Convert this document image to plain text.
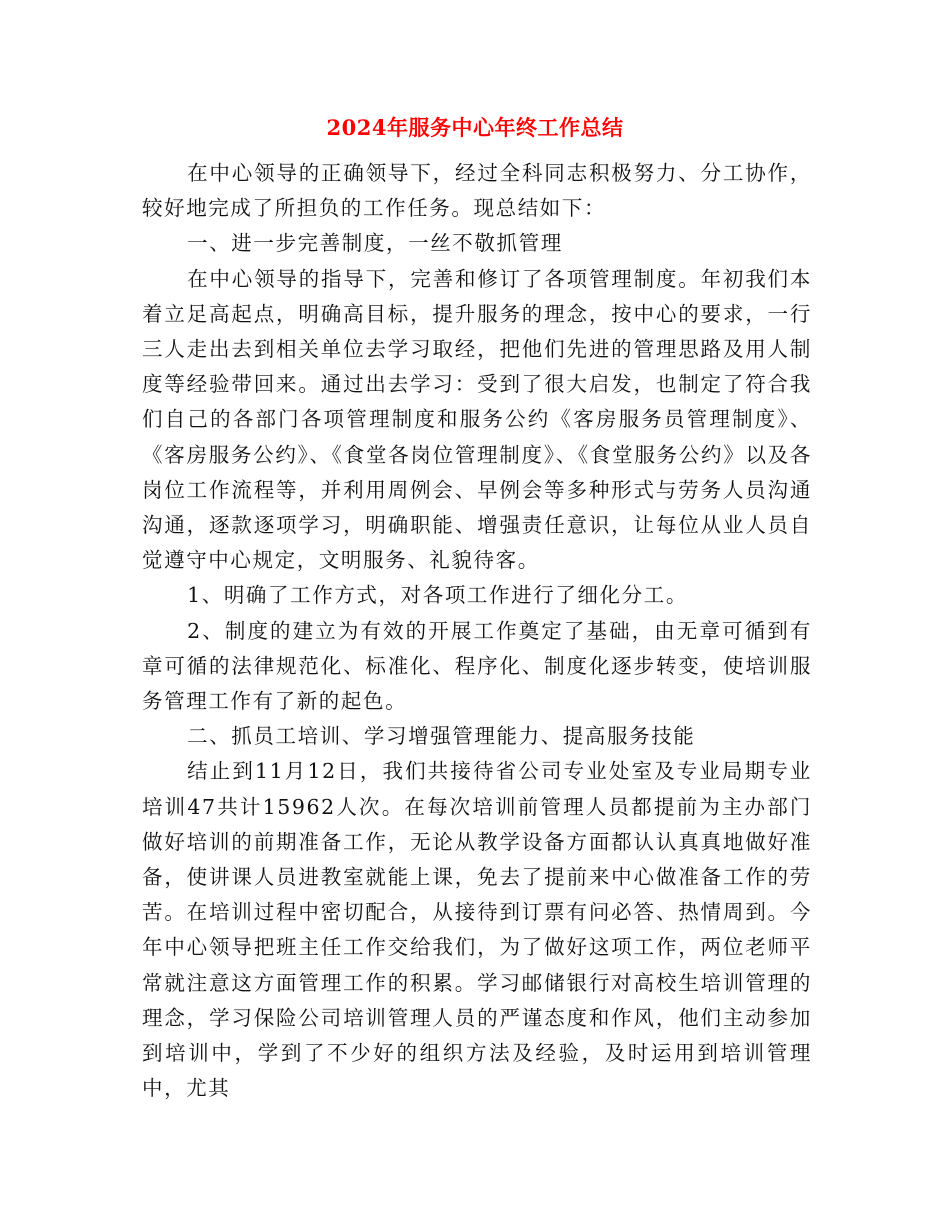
2024年服务中心年终工作总结

在中心领导的正确领导下，经过全科同志积极努力、分工协作，较好地完成了所担负的工作任务。现总结如下：

一、进一步完善制度，一丝不敬抓管理

在中心领导的指导下，完善和修订了各项管理制度。年初我们本着立足高起点，明确高目标，提升服务的理念，按中心的要求，一行三人走出去到相关单位去学习取经，把他们先进的管理思路及用人制度等经验带回来。通过出去学习：受到了很大启发，也制定了符合我们自己的各部门各项管理制度和服务公约《客房服务员管理制度》、《客房服务公约》、《食堂各岗位管理制度》、《食堂服务公约》以及各岗位工作流程等，并利用周例会、早例会等多种形式与劳务人员沟通沟通，逐款逐项学习，明确职能、增强责任意识，让每位从业人员自觉遵守中心规定，文明服务、礼貌待客。

1、明确了工作方式，对各项工作进行了细化分工。

2、制度的建立为有效的开展工作奠定了基础，由无章可循到有章可循的法律规范化、标准化、程序化、制度化逐步转变，使培训服务管理工作有了新的起色。

二、抓员工培训、学习增强管理能力、提高服务技能

结止到11月12日，我们共接待省公司专业处室及专业局期专业培训47共计15962人次。在每次培训前管理人员都提前为主办部门做好培训的前期准备工作，无论从教学设备方面都认认真真地做好准备，使讲课人员进教室就能上课，免去了提前来中心做准备工作的劳苦。在培训过程中密切配合，从接待到订票有问必答、热情周到。今年中心领导把班主任工作交给我们，为了做好这项工作，两位老师平常就注意这方面管理工作的积累。学习邮储银行对高校生培训管理的理念，学习保险公司培训管理人员的严谨态度和作风，他们主动参加到培训中，学到了不少好的组织方法及经验，及时运用到培训管理中，尤其
